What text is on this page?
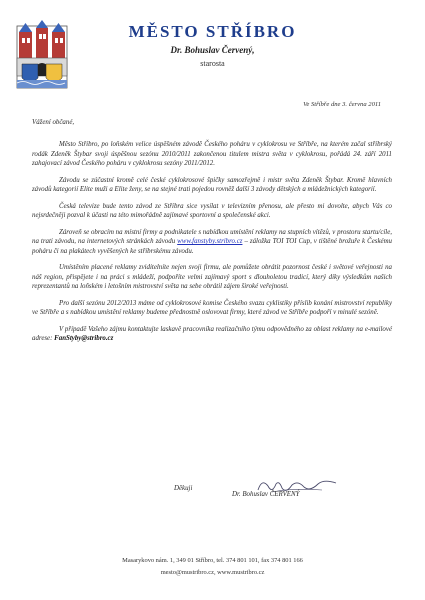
MĚSTO STŘÍBRO
Dr. Bohuslav Červený,
starosta
Ve Stříbře dne 3. června 2011

Vážení občané,

Město Stříbro, po loňském velice úspěšném závodě Českého poháru v cyklokrosu ve Stříbře, na kterém začal stříbrský rodák Zdeněk Štybar svoji úspěšnou sezónu 2010/2011 zakončenou titulem mistra světa v cyklokrosu, pořádá 24. září 2011 zahajovací závod Českého poháru v cyklokrosu sezóny 2011/2012.

Závodu se zúčastní kromě celé české cyklokrosové špičky samozřejmě i mistr světa Zdeněk Štybar. Kromě hlavních závodů kategorií Elite muži a Elite ženy, se na stejné trati pojedou rovněž další 3 závody dětských a mládežnických kategorií.

Česká televize bude tento závod ze Stříbra sice vysílat v televizním přenosu, ale přesto mi dovolte, abych Vás co nejsrdečněji pozval k účasti na této mimořádně zajímavé sportovní a společenské akci.

Zároveň se obracím na místní firmy a podnikatele s nabídkou umístění reklamy na stupních vítězů, v prostoru startu/cíle, na trati závodu, na internetových stránkách závodu www.fanstyby.stribro.cz – záložka TOI TOI Cup, v tištěné brožuře k Českému poháru či na plakátech vyvěšených ke stříbrskému závodu.

Umístěním placené reklamy zviditelníte nejen svoji firmu, ale pomůžete obrátit pozornost české i světové veřejnosti na náš region, přispějete i na práci s mládeží, podpoříte velmi zajímavý sport s dlouholetou tradicí, který díky výsledkům našich reprezentantů na loňském i letošním mistrovství světa na sebe obrátil zájem široké veřejnosti.

Pro další sezónu 2012/2013 máme od cyklokrosové komise Českého svazu cyklistiky příslib konání mistrovství republiky ve Stříbře a s nabídkou umístění reklamy budeme přednostně oslovovat firmy, které závod ve Stříbře podpoří v minulé sezóně.

V případě Vašeho zájmu kontaktujte laskavě pracovníka realizačního týmu odpovědného za oblast reklamy na e-mailové adrese: FanStyby@stribro.cz

Děkuji
Dr. Bohuslav ČERVENÝ
Masarykovo nám. 1, 349 01 Stříbro, tel. 374 801 101, fax 374 801 166
mesto@mustribro.cz, www.mustribro.cz
